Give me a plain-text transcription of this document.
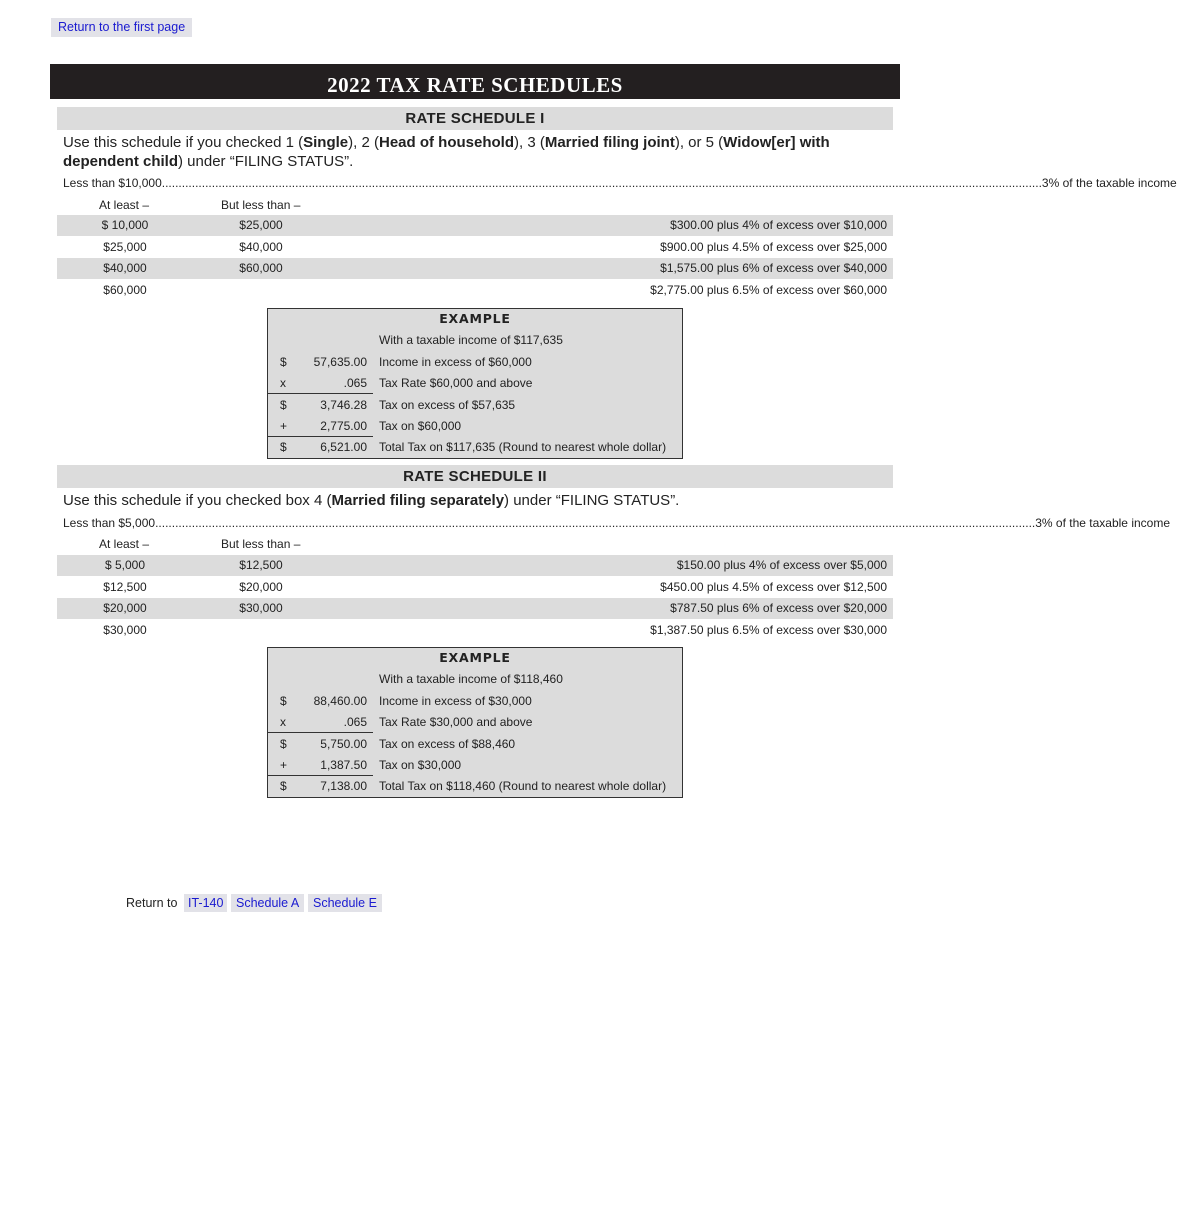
Return to the first page
2022 TAX RATE SCHEDULES
RATE SCHEDULE I
Use this schedule if you checked 1 (Single), 2 (Head of household), 3 (Married filing joint), or 5 (Widow[er] with dependent child) under “FILING STATUS”.
Less than $10,000 ........................................................................................................................................................................................................................................................................ 3% of the taxable income
At least –	But less than –
$ 10,000	$25,000	$300.00 plus 4% of excess over $10,000
$25,000	$40,000	$900.00 plus 4.5% of excess over $25,000
$40,000	$60,000	$1,575.00 plus 6% of excess over $40,000
$60,000	$2,775.00 plus 6.5% of excess over $60,000
EXAMPLE
With a taxable income of $117,635
$ 57,635.00 Income in excess of $60,000
x	.065 Tax Rate $60,000 and above
$	3,746.28 Tax on excess of $57,635
+	2,775.00 Tax on $60,000
$	6,521.00 Total Tax on $117,635 (Round to nearest whole dollar)
RATE SCHEDULE II
Use this schedule if you checked box 4 (Married filing separately) under “FILING STATUS”.
Less than $5,000 ........................................................................................................................................................................................................................................................................ 3% of the taxable income
At least –	But less than –
$ 5,000	$12,500	$150.00 plus 4% of excess over $5,000
$12,500	$20,000	$450.00 plus 4.5% of excess over $12,500
$20,000	$30,000	$787.50 plus 6% of excess over $20,000
$30,000	$1,387.50 plus 6.5% of excess over $30,000
EXAMPLE
With a taxable income of $118,460
$ 88,460.00 Income in excess of $30,000
x	.065 Tax Rate $30,000 and above
$	5,750.00 Tax on excess of $88,460
+	1,387.50 Tax on $30,000
$	7,138.00 Total Tax on $118,460 (Round to nearest whole dollar)
Return to IT-140	Schedule A	Schedule E
